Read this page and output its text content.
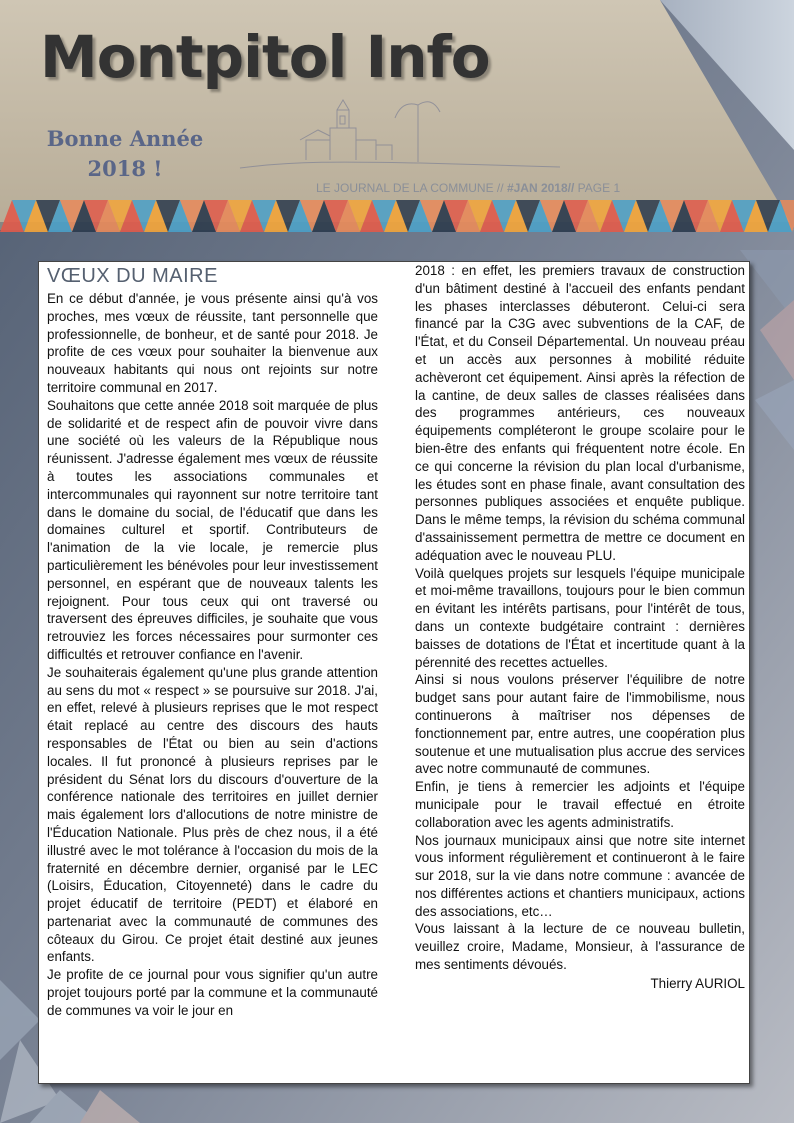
Montpitol Info
Bonne Année
2018 !
LE JOURNAL DE LA COMMUNE // #JAN 2018// PAGE 1
VŒUX DU MAIRE

En ce début d'année, je vous présente ainsi qu'à vos proches, mes vœux de réussite, tant personnelle que professionnelle, de bonheur, et de santé pour 2018. Je profite de ces vœux pour souhaiter la bienvenue aux nouveaux habitants qui nous ont rejoints sur notre territoire communal en 2017.

Souhaitons que cette année 2018 soit marquée de plus de solidarité et de respect afin de pouvoir vivre dans une société où les valeurs de la République nous réunissent. J'adresse également mes vœux de réussite à toutes les associations communales et intercommunales qui rayonnent sur notre territoire tant dans le domaine du social, de l'éducatif que dans les domaines culturel et sportif. Contributeurs de l'animation de la vie locale, je remercie plus particulièrement les bénévoles pour leur investissement personnel, en espérant que de nouveaux talents les rejoignent. Pour tous ceux qui ont traversé ou traversent des épreuves difficiles, je souhaite que vous retrouviez les forces nécessaires pour surmonter ces difficultés et retrouver confiance en l'avenir.

Je souhaiterais également qu'une plus grande attention au sens du mot « respect » se poursuive sur 2018. J'ai, en effet, relevé à plusieurs reprises que le mot respect était replacé au centre des discours des hauts responsables de l'État ou bien au sein d'actions locales. Il fut prononcé à plusieurs reprises par le président du Sénat lors du discours d'ouverture de la conférence nationale des territoires en juillet dernier mais également lors d'allocutions de notre ministre de l'Éducation Nationale. Plus près de chez nous, il a été illustré avec le mot tolérance à l'occasion du mois de la fraternité en décembre dernier, organisé par le LEC (Loisirs, Éducation, Citoyenneté) dans le cadre du projet éducatif de territoire (PEDT) et élaboré en partenariat avec la communauté de communes des côteaux du Girou. Ce projet était destiné aux jeunes enfants.

Je profite de ce journal pour vous signifier qu'un autre projet toujours porté par la commune et la communauté de communes va voir le jour en

2018 : en effet, les premiers travaux de construction d'un bâtiment destiné à l'accueil des enfants pendant les phases interclasses débuteront. Celui-ci sera financé par la C3G avec subventions de la CAF, de l'État, et du Conseil Départemental. Un nouveau préau et un accès aux personnes à mobilité réduite achèveront cet équipement. Ainsi après la réfection de la cantine, de deux salles de classes réalisées dans des programmes antérieurs, ces nouveaux équipements compléteront le groupe scolaire pour le bien-être des enfants qui fréquentent notre école. En ce qui concerne la révision du plan local d'urbanisme, les études sont en phase finale, avant consultation des personnes publiques associées et enquête publique. Dans le même temps, la révision du schéma communal d'assainissement permettra de mettre ce document en adéquation avec le nouveau PLU.

Voilà quelques projets sur lesquels l'équipe municipale et moi-même travaillons, toujours pour le bien commun en évitant les intérêts partisans, pour l'intérêt de tous, dans un contexte budgétaire contraint : dernières baisses de dotations de l'État et incertitude quant à la pérennité des recettes actuelles.

Ainsi si nous voulons préserver l'équilibre de notre budget sans pour autant faire de l'immobilisme, nous continuerons à maîtriser nos dépenses de fonctionnement par, entre autres, une coopération plus soutenue et une mutualisation plus accrue des services avec notre communauté de communes.

Enfin, je tiens à remercier les adjoints et l'équipe municipale pour le travail effectué en étroite collaboration avec les agents administratifs.

Nos journaux municipaux ainsi que notre site internet vous informent régulièrement et continueront à le faire sur 2018, sur la vie dans notre commune : avancée de nos différentes actions et chantiers municipaux, actions des associations, etc…

Vous laissant à la lecture de ce nouveau bulletin, veuillez croire, Madame, Monsieur, à l'assurance de mes sentiments dévoués.

Thierry AURIOL
